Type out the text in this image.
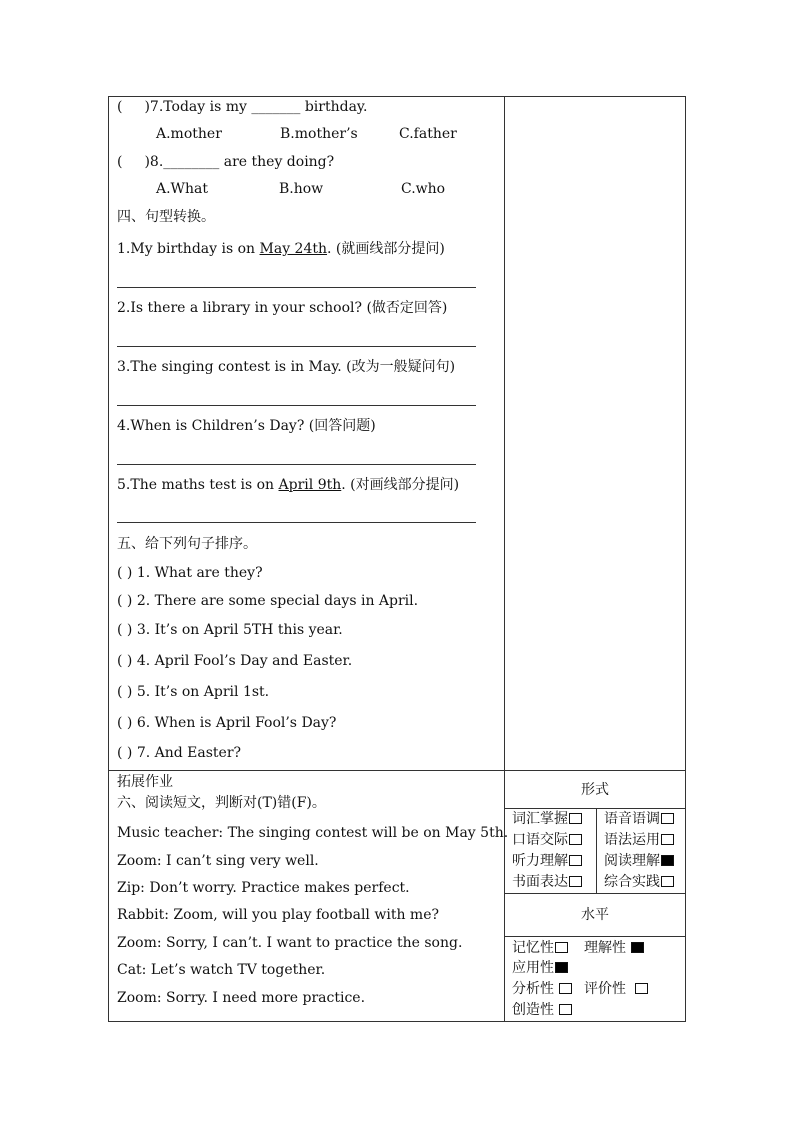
( )7.Today is my _______ birthday.
A.mother	B.mother’s	C.father
( )8.________ are they doing?
A.What	B.how	C.who
四、句型转换。
1.My birthday is on May 24th. (就画线部分提问)
2.Is there a library in your school? (做否定回答)
3.The singing contest is in May. (改为一般疑问句)
4.When is Children’s Day? (回答问题)
5.The maths test is on April 9th. (对画线部分提问)
五、给下列句子排序。
( ) 1. What are they?
( ) 2. There are some special days in April.
( ) 3. It’s on April 5TH this year.
( ) 4. April Fool’s Day and Easter.
( ) 5. It’s on April 1st.
( ) 6. When is April Fool’s Day?
( ) 7. And Easter?
拓展作业
六、阅读短文，判断对(T)错(F)。
Music teacher: The singing contest will be on May 5th.
Zoom: I can’t sing very well.
Zip: Don’t worry. Practice makes perfect.
Rabbit: Zoom, will you play football with me?
Zoom: Sorry, I can’t. I want to practice the song.
Cat: Let’s watch TV together.
Zoom: Sorry. I need more practice.
形式
词汇掌握	语音语调
口语交际	语法运用
听力理解	阅读理解
书面表达	综合实践
水平
记忆性	理解性
应用性
分析性	评价性
创造性
